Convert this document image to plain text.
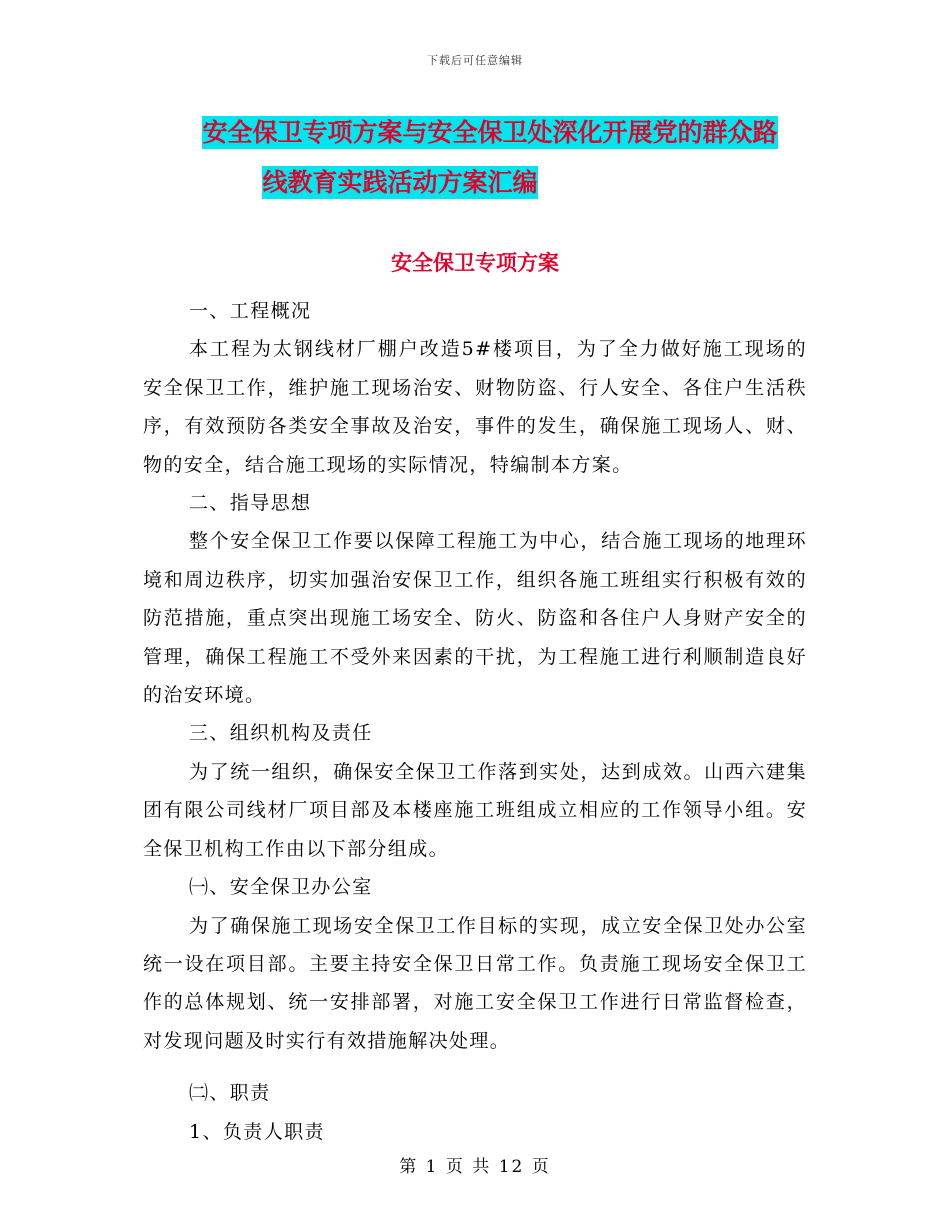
下载后可任意编辑
安全保卫专项方案与安全保卫处深化开展党的群众路
线教育实践活动方案汇编
安全保卫专项方案

一、工程概况

本工程为太钢线材厂棚户改造5#楼项目，为了全力做好施工现场的安全保卫工作，维护施工现场治安、财物防盗、行人安全、各住户生活秩序，有效预防各类安全事故及治安，事件的发生，确保施工现场人、财、物的安全，结合施工现场的实际情况，特编制本方案。

二、指导思想

整个安全保卫工作要以保障工程施工为中心，结合施工现场的地理环境和周边秩序，切实加强治安保卫工作，组织各施工班组实行积极有效的防范措施，重点突出现施工场安全、防火、防盗和各住户人身财产安全的管理，确保工程施工不受外来因素的干扰，为工程施工进行利顺制造良好的治安环境。

三、组织机构及责任

为了统一组织，确保安全保卫工作落到实处，达到成效。山西六建集团有限公司线材厂项目部及本楼座施工班组成立相应的工作领导小组。安全保卫机构工作由以下部分组成。

㈠、安全保卫办公室

为了确保施工现场安全保卫工作目标的实现，成立安全保卫处办公室统一设在项目部。主要主持安全保卫日常工作。负责施工现场安全保卫工作的总体规划、统一安排部署，对施工安全保卫工作进行日常监督检查，对发现问题及时实行有效措施解决处理。

㈡、职责

1、负责人职责

第 1 页 共 12 页
